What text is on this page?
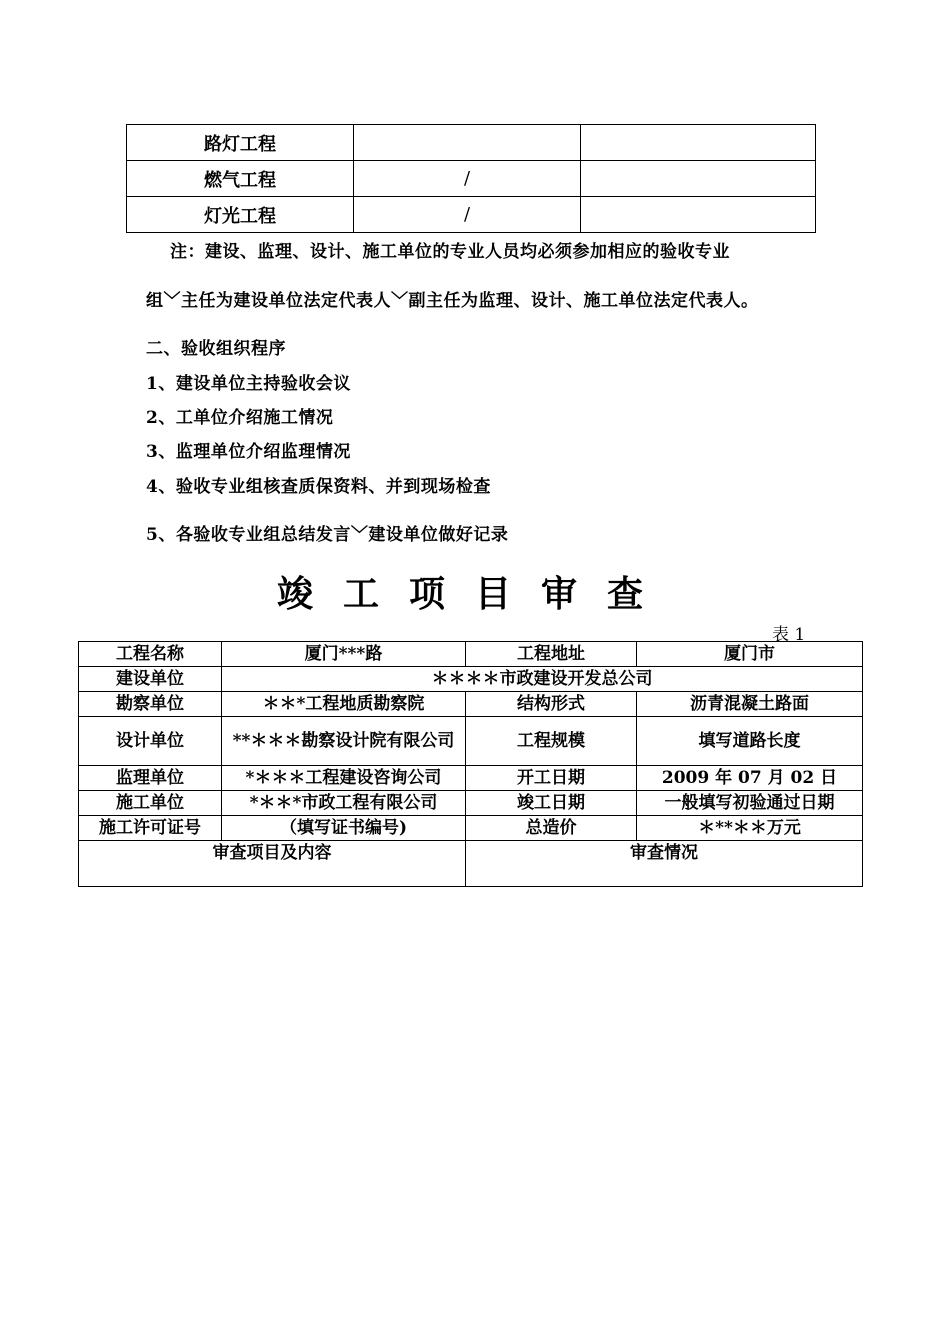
路灯工程		
燃气工程	/	
灯光工程	/	
注：建设、监理、设计、施工单位的专业人员均必须参加相应的验收专业
组﹀主任为建设单位法定代表人﹀副主任为监理、设计、施工单位法定代表人。
二、验收组织程序
1、建设单位主持验收会议
2、工单位介绍施工情况
3、监理单位介绍监理情况
4、验收专业组核查质保资料、并到现场检查
5、各验收专业组总结发言﹀建设单位做好记录
竣工项目审查
表 1
工程名称	厦门***路	工程地址	厦门市
建设单位	＊＊＊＊市政建设开发总公司		
勘察单位	＊＊*工程地质勘察院	结构形式	沥青混凝土路面
设计单位	**＊＊＊勘察设计院有限公司	工程规模	填写道路长度
监理单位	*＊＊＊工程建设咨询公司	开工日期	2009 年 07 月 02 日
施工单位	*＊＊*市政工程有限公司	竣工日期	一般填写初验通过日期
施工许可证号	（填写证书编号)	总造价	＊**＊＊万元
审查项目及内容		审查情况	
